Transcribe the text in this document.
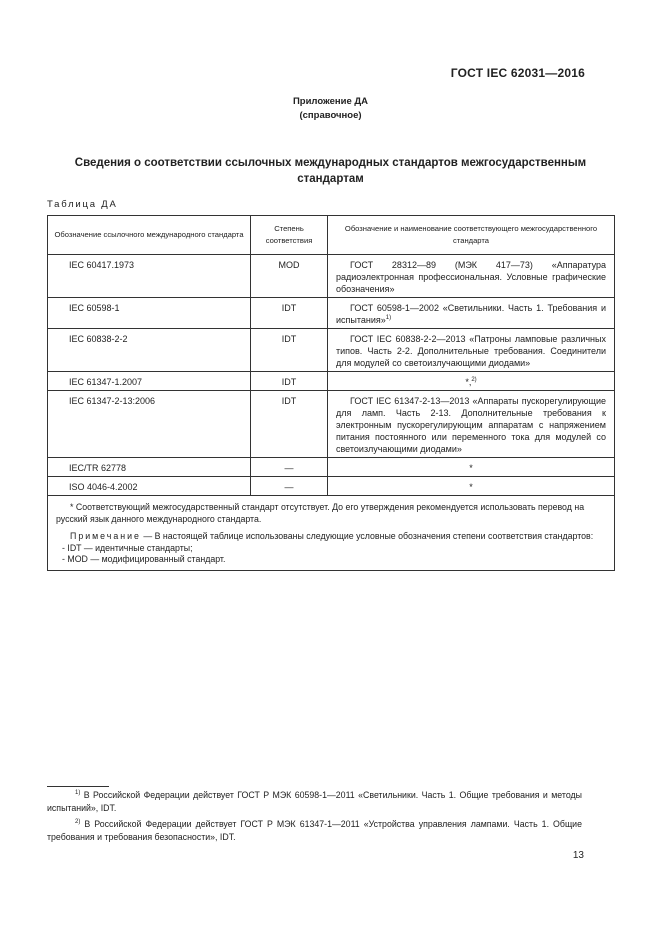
ГОСТ IEC 62031—2016
Приложение ДА
(справочное)
Сведения о соответствии ссылочных международных стандартов межгосударственным стандартам
Таблица ДА
Обозначение ссылочного международного стандарта	Степень соответствия	Обозначение и наименование соответствующего межгосударственного стандарта
IEC 60417.1973	MOD	ГОСТ 28312—89 (МЭК 417—73) «Аппаратура радиоэлектронная профессиональная. Условные графические обозначения»
IEC 60598-1	IDT	ГОСТ 60598-1—2002 «Светильники. Часть 1. Требования и испытания»$^{1)}$
IEC 60838-2-2	IDT	ГОСТ IEC 60838-2-2—2013 «Патроны ламповые различных типов. Часть 2-2. Дополнительные требования. Соединители для модулей со светоизлучающими диодами»
IEC 61347-1.2007	IDT	*,$^{2)}$
IEC 61347-2-13:2006	IDT	ГОСТ IEC 61347-2-13—2013 «Аппараты пускорегулирующие для ламп. Часть 2-13. Дополнительные требования к электронным пускорегулирующим аппаратам с напряжением питания постоянного или переменного тока для модулей со светоизлучающими диодами»
IEC/TR 62778	—	*
ISO 4046-4.2002	—	*

* Соответствующий межгосударственный стандарт отсутствует. До его утверждения рекомендуется использовать перевод на русский язык данного международного стандарта.

Примечание — В настоящей таблице использованы следующие условные обозначения степени соответствия стандартов:

- IDT — идентичные стандарты;

- MOD — модифицированный стандарт.		

$^{1)}$ В Российской Федерации действует ГОСТ Р МЭК 60598-1—2011 «Светильники. Часть 1. Общие требования и методы испытаний», IDT.

$^{2)}$ В Российской Федерации действует ГОСТ Р МЭК 61347-1—2011 «Устройства управления лампами. Часть 1. Общие требования и требования безопасности», IDT.

13
